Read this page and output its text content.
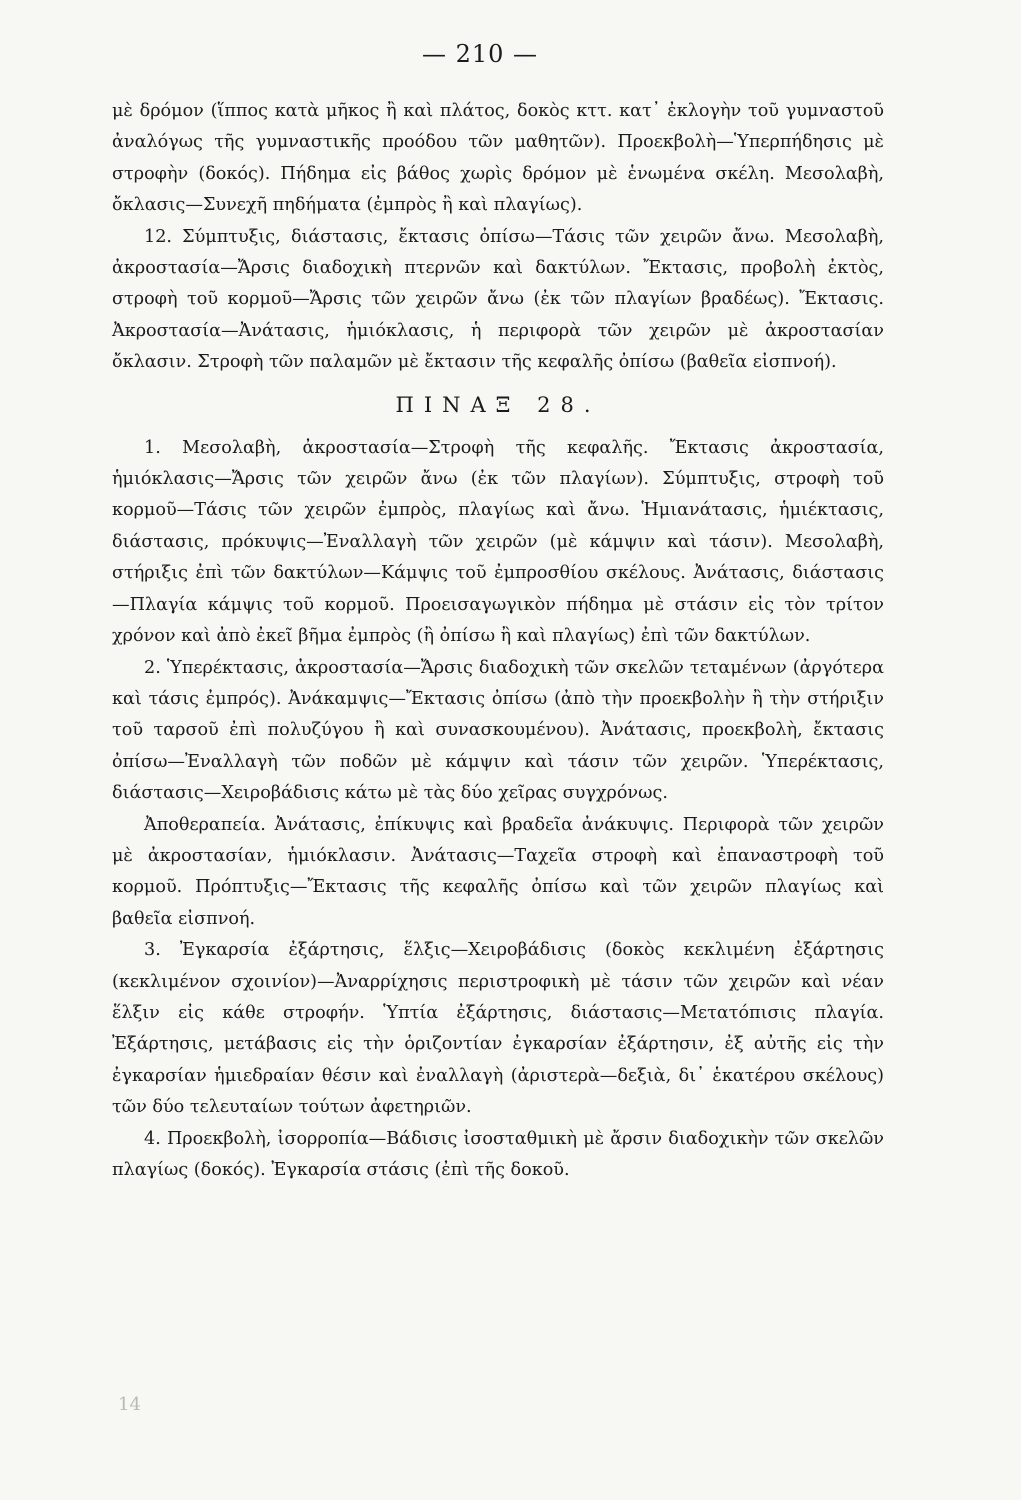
— 210 —

μὲ δρόμον (ἵππος κατὰ μῆκος ἢ καὶ πλάτος, δοκὸς κττ. κατ᾽ ἐκλογὴν τοῦ γυμναστοῦ ἀναλόγως τῆς γυμναστικῆς προόδου τῶν μαθητῶν). Προεκβολὴ—Ὑπερπήδησις μὲ στροφὴν (δοκός). Πήδημα εἰς βάθος χωρὶς δρόμον μὲ ἑνωμένα σκέλη. Μεσολαβὴ, ὄκλασις—Συνεχῆ πηδήματα (ἐμπρὸς ἢ καὶ πλαγίως).

12. Σύμπτυξις, διάστασις, ἔκτασις ὀπίσω—Τάσις τῶν χειρῶν ἄνω. Μεσολαβὴ, ἀκροστασία—Ἄρσις διαδοχικὴ πτερνῶν καὶ δακτύλων. Ἔκτασις, προβολὴ ἐκτὸς, στροφὴ τοῦ κορμοῦ—Ἄρσις τῶν χειρῶν ἄνω (ἐκ τῶν πλαγίων βραδέως). Ἔκτασις. Ἀκροστασία—Ἀνάτασις, ἡμιόκλασις, ἡ περιφορὰ τῶν χειρῶν μὲ ἀκροστασίαν ὄκλασιν. Στροφὴ τῶν παλαμῶν μὲ ἔκτασιν τῆς κεφαλῆς ὀπίσω (βαθεῖα εἰσπνοή).

ΠΙΝΑΞ 28.

1. Μεσολαβὴ, ἀκροστασία—Στροφὴ τῆς κεφαλῆς. Ἔκτασις ἀκροστασία, ἡμιόκλασις—Ἄρσις τῶν χειρῶν ἄνω (ἐκ τῶν πλαγίων). Σύμπτυξις, στροφὴ τοῦ κορμοῦ—Τάσις τῶν χειρῶν ἐμπρὸς, πλαγίως καὶ ἄνω. Ἡμιανάτασις, ἡμιέκτασις, διάστασις, πρόκυψις—Ἐναλλαγὴ τῶν χειρῶν (μὲ κάμψιν καὶ τάσιν). Μεσολαβὴ, στήριξις ἐπὶ τῶν δακτύλων—Κάμψις τοῦ ἐμπροσθίου σκέλους. Ἀνάτασις, διάστασις—Πλαγία κάμψις τοῦ κορμοῦ. Προεισαγωγικὸν πήδημα μὲ στάσιν εἰς τὸν τρίτον χρόνον καὶ ἀπὸ ἐκεῖ βῆμα ἐμπρὸς (ἢ ὀπίσω ἢ καὶ πλαγίως) ἐπὶ τῶν δακτύλων.

2. Ὑπερέκτασις, ἀκροστασία—Ἄρσις διαδοχικὴ τῶν σκελῶν τεταμένων (ἀργότερα καὶ τάσις ἐμπρός). Ἀνάκαμψις—Ἔκτασις ὀπίσω (ἀπὸ τὴν προεκβολὴν ἢ τὴν στήριξιν τοῦ ταρσοῦ ἐπὶ πολυζύγου ἢ καὶ συνασκουμένου). Ἀνάτασις, προεκβολὴ, ἔκτασις ὀπίσω—Ἐναλλαγὴ τῶν ποδῶν μὲ κάμψιν καὶ τάσιν τῶν χειρῶν. Ὑπερέκτασις, διάστασις—Χειροβάδισις κάτω μὲ τὰς δύο χεῖρας συγχρόνως.

Ἀποθεραπεία. Ἀνάτασις, ἐπίκυψις καὶ βραδεῖα ἀνάκυψις. Περιφορὰ τῶν χειρῶν μὲ ἀκροστασίαν, ἡμιόκλασιν. Ἀνάτασις—Ταχεῖα στροφὴ καὶ ἐπαναστροφὴ τοῦ κορμοῦ. Πρόπτυξις—Ἔκτασις τῆς κεφαλῆς ὀπίσω καὶ τῶν χειρῶν πλαγίως καὶ βαθεῖα εἰσπνοή.

3. Ἐγκαρσία ἐξάρτησις, ἕλξις—Χειροβάδισις (δοκὸς κεκλιμένη ἐξάρτησις (κεκλιμένον σχοινίον)—Ἀναρρίχησις περιστροφικὴ μὲ τάσιν τῶν χειρῶν καὶ νέαν ἕλξιν εἰς κάθε στροφήν. Ὑπτία ἐξάρτησις, διάστασις—Μετατόπισις πλαγία. Ἐξάρτησις, μετάβασις εἰς τὴν ὁριζοντίαν ἐγκαρσίαν ἐξάρτησιν, ἐξ αὐτῆς εἰς τὴν ἐγκαρσίαν ἡμιεδραίαν θέσιν καὶ ἐναλλαγὴ (ἀριστερὰ—δεξιὰ, δι᾽ ἑκατέρου σκέλους) τῶν δύο τελευταίων τούτων ἀφετηριῶν.

4. Προεκβολὴ, ἰσορροπία—Βάδισις ἰσοσταθμικὴ μὲ ἄρσιν διαδοχικὴν τῶν σκελῶν πλαγίως (δοκός). Ἐγκαρσία στάσις (ἐπὶ τῆς δοκοῦ.

14
